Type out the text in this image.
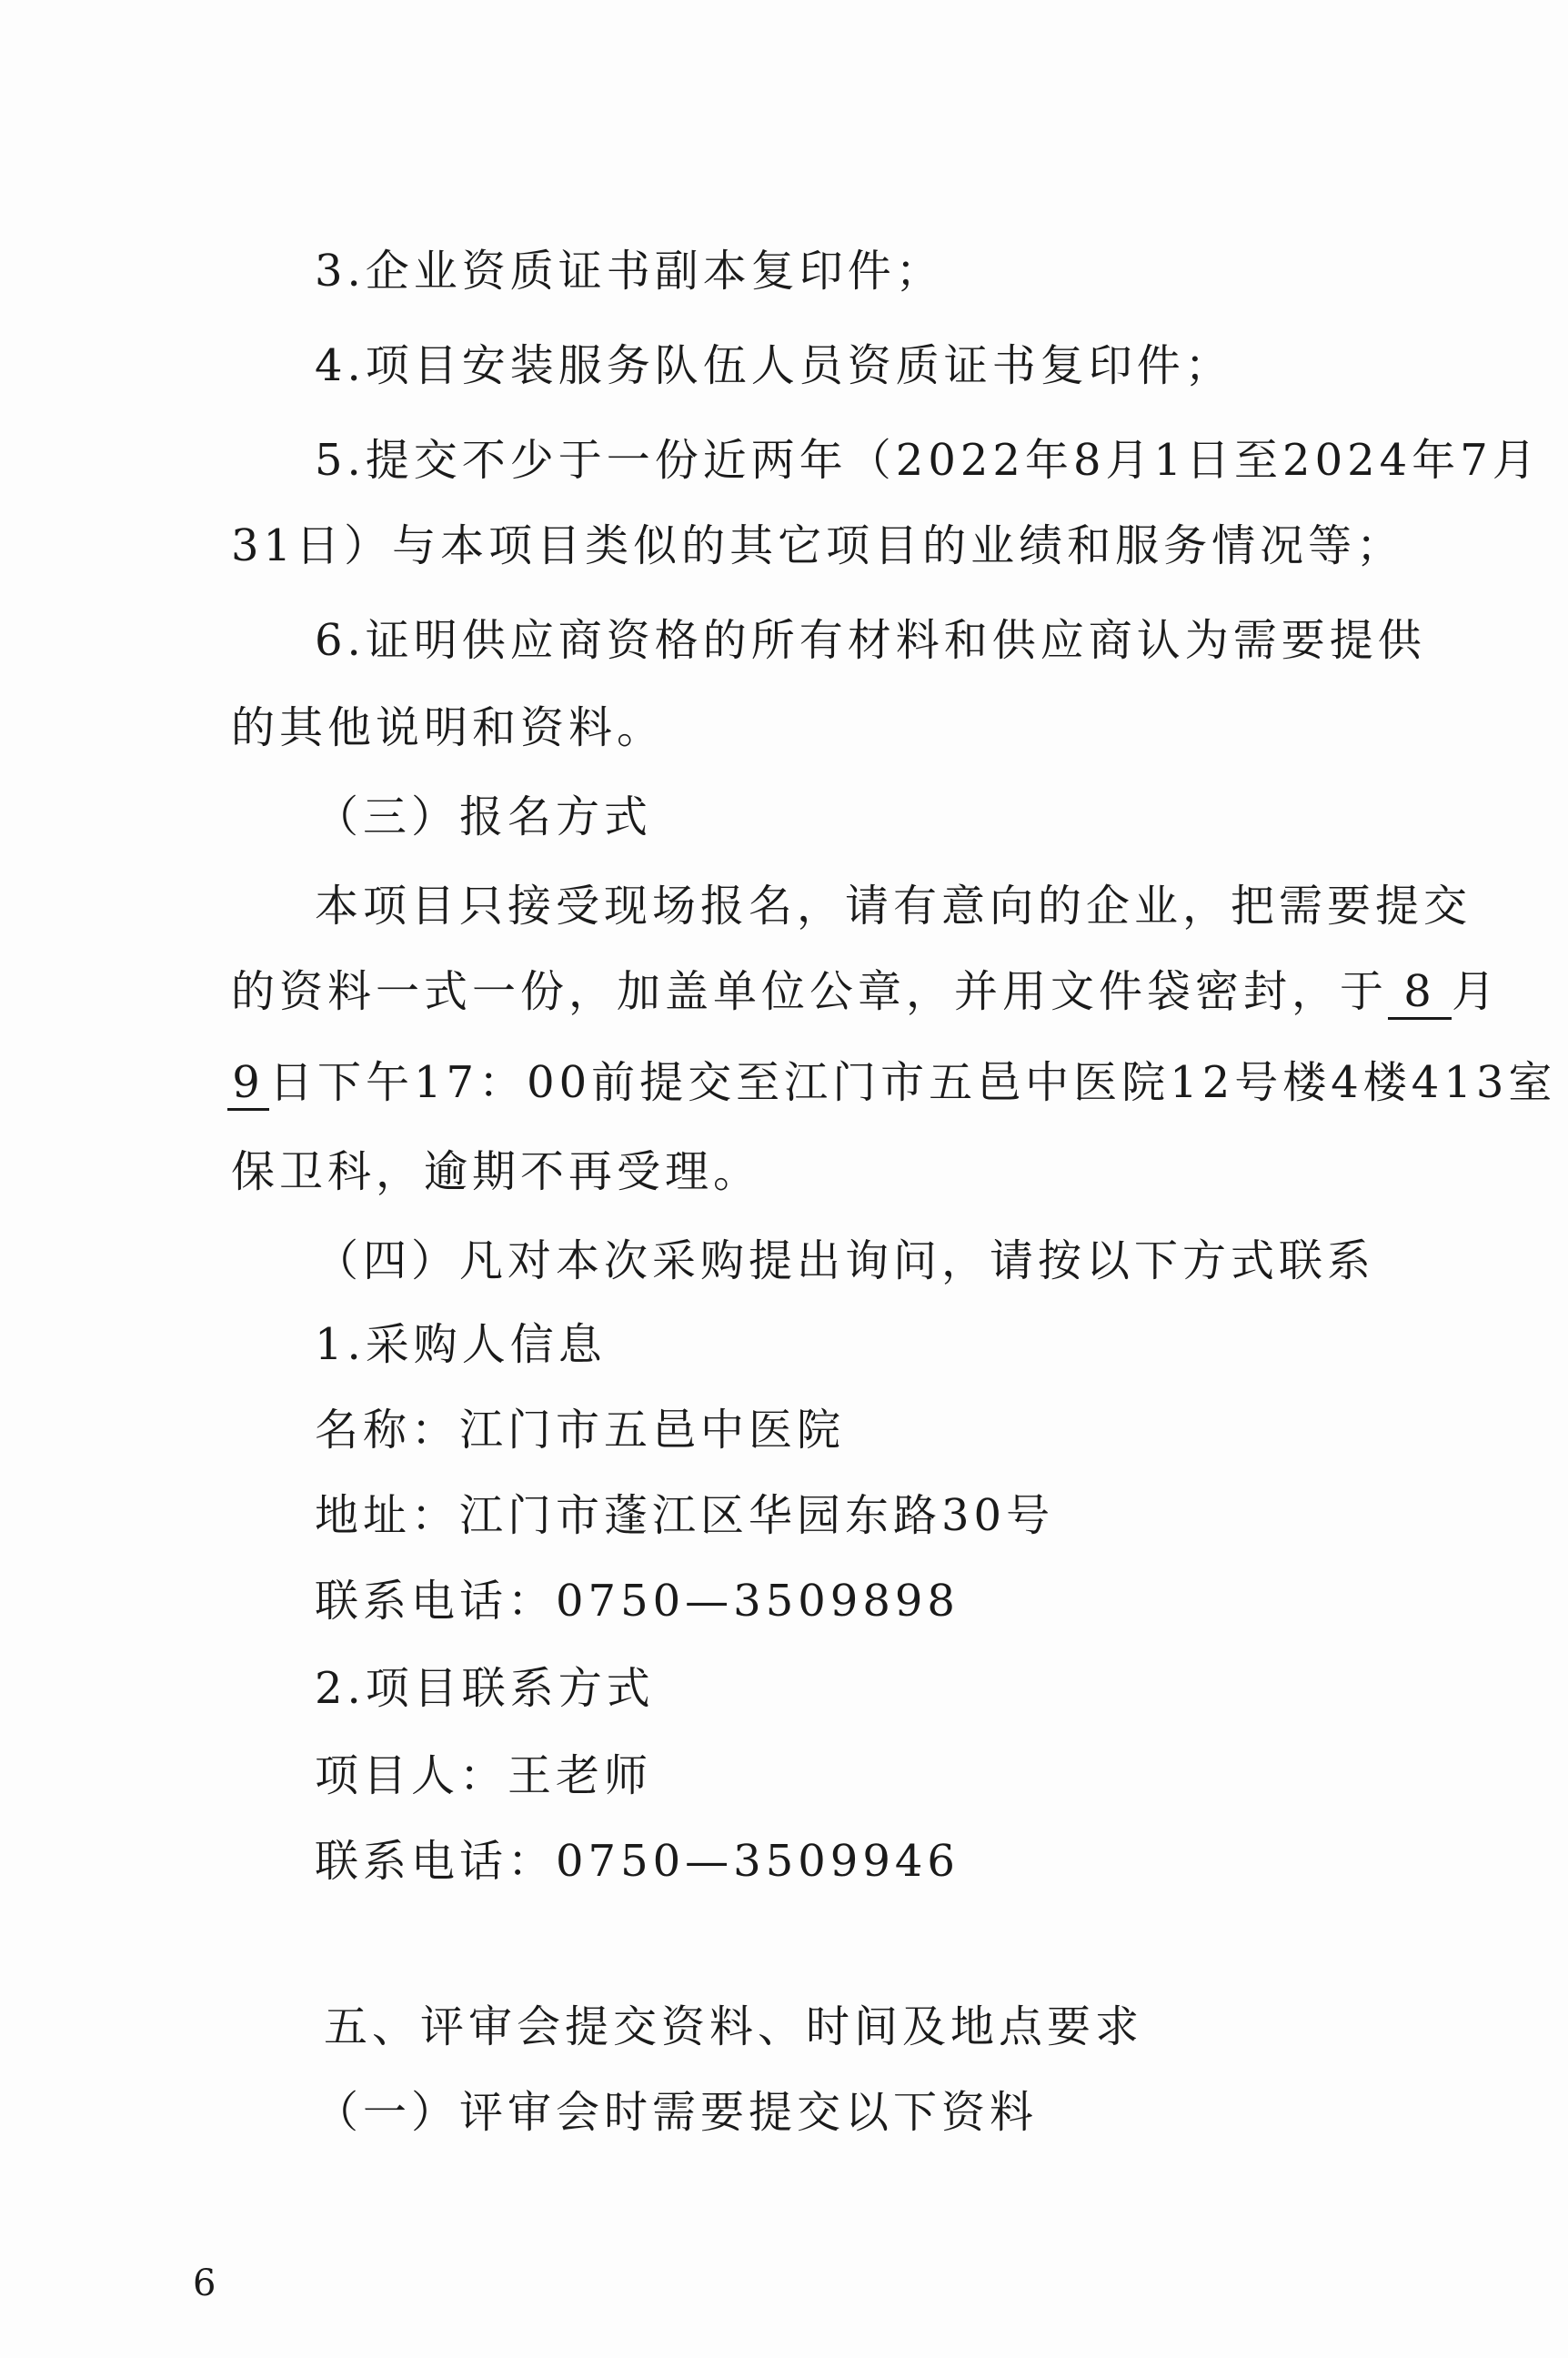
3.企业资质证书副本复印件；
4.项目安装服务队伍人员资质证书复印件；
5.提交不少于一份近两年（2022年8月1日至2024年7月
31日）与本项目类似的其它项目的业绩和服务情况等；
6.证明供应商资格的所有材料和供应商认为需要提供
的其他说明和资料。
（三）报名方式
本项目只接受现场报名，请有意向的企业，把需要提交
的资料一式一份，加盖单位公章，并用文件袋密封，于 8 月
9 日下午17：00前提交至江门市五邑中医院12号楼4楼413室
保卫科，逾期不再受理。
（四）凡对本次采购提出询问，请按以下方式联系
1.采购人信息
名称：江门市五邑中医院
地址：江门市蓬江区华园东路30号
联系电话：0750—3509898
2.项目联系方式
项目人：王老师
联系电话：0750—3509946
五、评审会提交资料、时间及地点要求
（一）评审会时需要提交以下资料
6
